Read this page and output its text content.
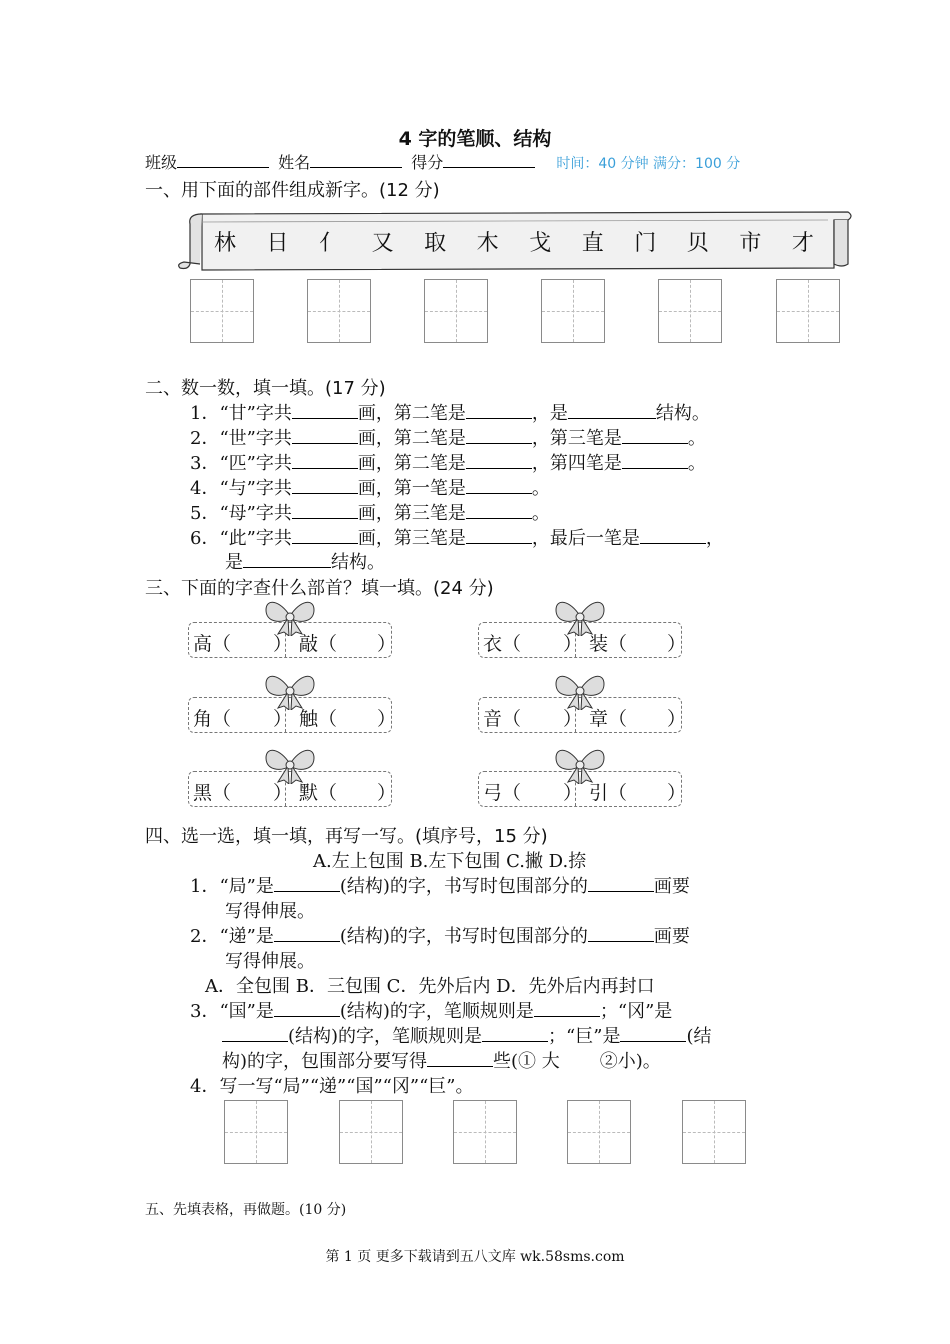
4 字的笔顺、结构
班级	姓名	得分	时间：40 分钟 满分：100 分
一、用下面的部件组成新字。(12 分)
林 日 亻 又 取 木 戈 直 门 贝 市 才
二、数一数，填一填。(17 分)
1．“甘”字共	画，第二笔是	，是	结构。
2．“世”字共	画，第二笔是	，第三笔是	。
3．“匹”字共	画，第二笔是	，第四笔是	。
4．“与”字共	画，第一笔是	。
5．“母”字共	画，第三笔是	。
6．“此”字共	画，第三笔是	，最后一笔是	，
是	结构。
三、下面的字查什么部首？填一填。(24 分)
高（ ） 敲（ ）	衣（ ） 装（ ）
角（ ） 触（ ）	音（ ） 章（ ）
黑（ ） 默（ ）	弓（ ） 引（ ）
四、选一选，填一填，再写一写。(填序号，15 分)
A.左上包围 B.左下包围 C.撇 D.捺
1．“局”是	(结构)的字，书写时包围部分的	画要
写得伸展。
2．“递”是	(结构)的字，书写时包围部分的	画要
写得伸展。
A．全包围 B．三包围 C．先外后内 D．先外后内再封口
3．“国”是	(结构)的字，笔顺规则是	；“冈”是
(结构)的字，笔顺规则是	；“巨”是	(结
构)的字，包围部分要写得	些(① 大 ②小)。
4．写一写“局”“递”“国”“冈”“巨”。
五、先填表格，再做题。(10 分)
第 1 页 更多下载请到五八文库 wk.58sms.com
